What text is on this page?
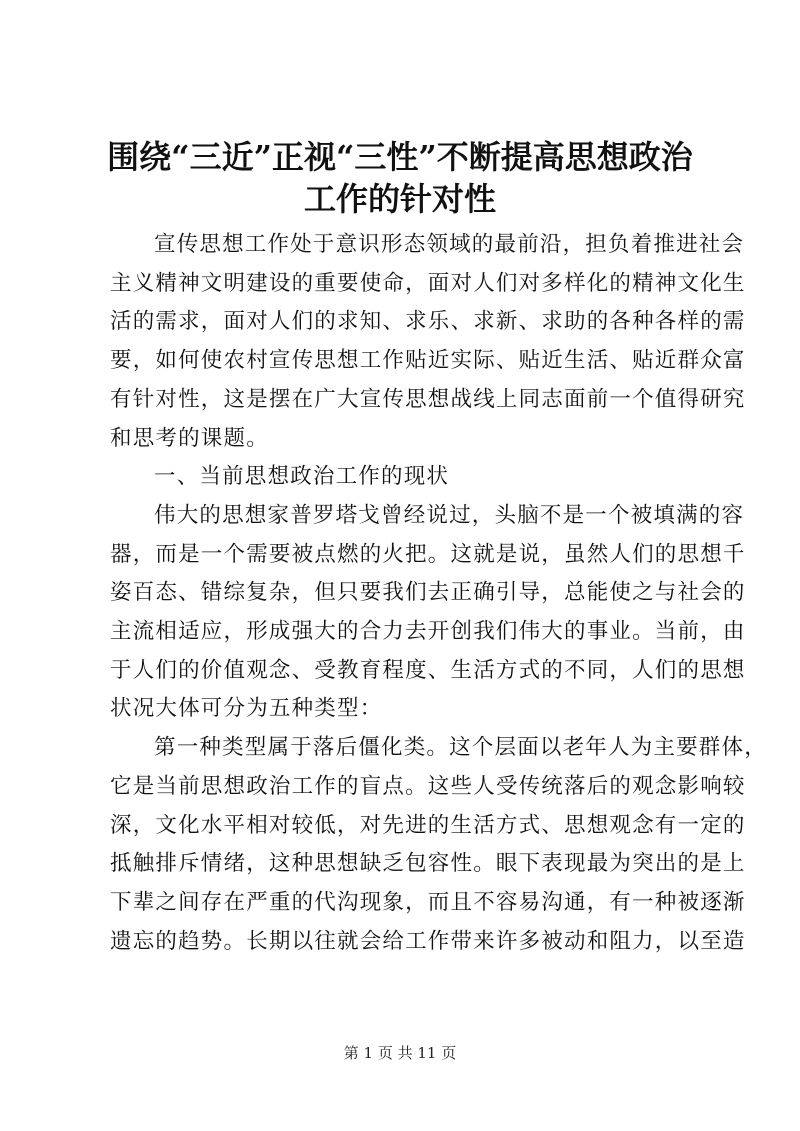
围绕“三近”正视“三性”不断提高思想政治
工作的针对性
宣传思想工作处于意识形态领域的最前沿，担负着推进社会
主义精神文明建设的重要使命，面对人们对多样化的精神文化生
活的需求，面对人们的求知、求乐、求新、求助的各种各样的需
要，如何使农村宣传思想工作贴近实际、贴近生活、贴近群众富
有针对性，这是摆在广大宣传思想战线上同志面前一个值得研究
和思考的课题。
一、当前思想政治工作的现状
伟大的思想家普罗塔戈曾经说过，头脑不是一个被填满的容
器，而是一个需要被点燃的火把。这就是说，虽然人们的思想千
姿百态、错综复杂，但只要我们去正确引导，总能使之与社会的
主流相适应，形成强大的合力去开创我们伟大的事业。当前，由
于人们的价值观念、受教育程度、生活方式的不同，人们的思想
状况大体可分为五种类型：
第一种类型属于落后僵化类。这个层面以老年人为主要群体，
它是当前思想政治工作的盲点。这些人受传统落后的观念影响较
深，文化水平相对较低，对先进的生活方式、思想观念有一定的
抵触排斥情绪，这种思想缺乏包容性。眼下表现最为突出的是上
下辈之间存在严重的代沟现象，而且不容易沟通，有一种被逐渐
遗忘的趋势。长期以往就会给工作带来许多被动和阻力，以至造
第 1 页 共 11 页
